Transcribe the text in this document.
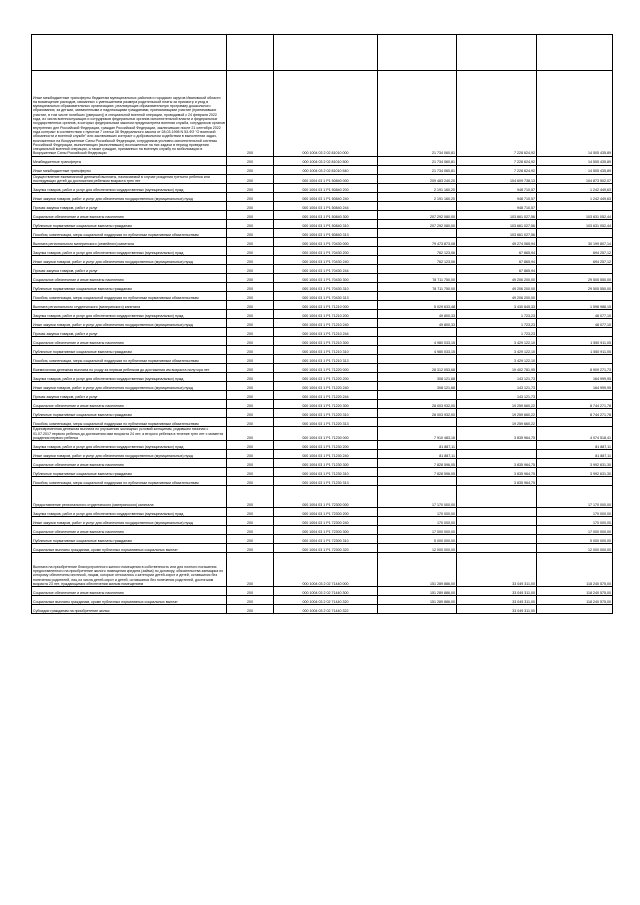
Иные межбюджетные трансферты бюджетам муниципальных районов и городских округов Ивановской области на возмещение расходов, связанных с уменьшением размера родительской платы за присмотр и уход в муниципальных образовательных организациях, реализующих образовательную программу дошкольного образования, за детьми, захваченными и надлежащими гражданами, принимающими участие (принимавших участие, в том числе погибших (умерших)) в специальной военной операции, проводимой с 24 февраля 2022 года, из числа военнослужащих и сотрудников федеральных органов исполнительной власти и федеральных государственных органов, в которых федеральным законом предусмотрена военная служба, сотрудников органов внутренних дел Российской Федерации, граждан Российской Федерации, заключивших после 21 сентября 2022 года контракт в соответствии с пунктом 7 статьи 38 Федерального закона от 28.03.1998 N 53-ФЗ "О воинской обязанности и военной службе" или заключивших контракт о добровольном содействии в выполнении задач, возложенных на Вооруженные Силы Российской Федерации, сотрудников уголовно-исполнительной системы Российской Федерации, выполняющих (выполнявших) возложенные на них задачи в период проведения специальной военной операции, а также граждан, призванных на военную службу по мобилизации в Вооруженные Силы Российской Федерации	200	000 1004 03 2 02 81010 000	21 734 060,81	7 228 624,92	14 505 435,89
Межбюджетные трансферты	200	000 1004 03 2 02 81010 500	21 734 060,81	7 228 624,92	14 505 435,89
Иные межбюджетные трансферты	200	000 1004 03 2 02 81010 540	21 734 060,81	7 228 624,92	14 505 435,89
Осуществление ежемесячной денежной выплаты, назначаемой в случае рождения третьего ребенка или последующих детей до достижения ребенком возраста трех лет	200	000 1004 03 1 P1 50840 000	209 483 240,20	104 609 738,13	104 873 502,07
Закупка товаров, работ и услуг для обеспечения государственных (муниципальных) нужд	200	000 1004 03 1 P1 50840 200	2 191 160,20	948 710,57	1 242 449,63
Иные закупки товаров, работ и услуг для обеспечения государственных (муниципальных) нужд	200	000 1004 03 1 P1 50840 240	2 191 160,20	948 710,57	1 242 449,63
Прочая закупка товаров, работ и услуг	200	000 1004 03 1 P1 50840 244		948 710,57	
Социальное обеспечение и иные выплаты населению	200	000 1004 03 1 P1 50840 300	207 292 080,00	103 661 027,56	103 631 052,44
Публичные нормативные социальные выплаты гражданам	200	000 1004 03 1 P1 50840 310	207 292 080,00	103 661 027,56	103 631 052,44
Пособия, компенсации, меры социальной поддержки по публичным нормативным обязательствам	200	000 1004 03 1 P1 50840 313		103 661 027,56	
Выплата регионального материнского (семейного) капитала	200	000 1004 03 1 P1 70430 000	79 473 873,08	49 274 065,94	30 199 807,14
Закупка товаров, работ и услуг для обеспечения государственных (муниципальных) нужд	200	000 1004 03 1 P1 70430 200	762 123,06	67 865,94	694 257,12
Иные закупки товаров, работ и услуг для обеспечения государственных (муниципальных) нужд	200	000 1004 03 1 P1 70430 240	762 123,06	67 865,94	694 257,12
Прочая закупка товаров, работ и услуг	200	000 1004 03 1 P1 70430 244		67 865,94	
Социальное обеспечение и иные выплаты населению	200	000 1004 03 1 P1 70430 300	78 711 750,00	49 206 200,00	29 505 550,00
Публичные нормативные социальные выплаты гражданам	200	000 1004 03 1 P1 70430 310	78 711 750,00	49 206 200,00	29 505 550,00
Пособия, компенсации, меры социальной поддержки по публичным нормативным обязательствам	200	000 1004 03 1 P1 70430 313		49 206 200,00	
Выплата регионального студенческого (материнского) капитала	200	000 1004 03 1 P1 71210 000	5 029 633,48	3 430 845,33	1 598 988,15
Закупка товаров, работ и услуг для обеспечения государственных (муниципальных) нужд	200	000 1004 03 1 P1 71210 200	49 800,33	1 723,23	48 077,10
Иные закупки товаров, работ и услуг для обеспечения государственных (муниципальных) нужд	200	000 1004 03 1 P1 71210 240	49 800,33	1 723,23	48 077,10
Прочая закупка товаров, работ и услуг	200	000 1004 03 1 P1 71210 244		1 723,23	
Социальное обеспечение и иные выплаты населению	200	000 1004 03 1 P1 71210 300	4 980 033,15	3 429 122,10	1 550 911,05
Публичные нормативные социальные выплаты гражданам	200	000 1004 03 1 P1 71210 310	4 980 033,15	3 429 122,10	1 550 911,05
Пособия, компенсации, меры социальной поддержки по публичным нормативным обязательствам	200	000 1004 03 1 P1 71210 313		3 429 122,10	
Ежемесячная денежная выплата по уходу за первым ребенком до достижения им возраста полутора лет	200	000 1004 03 1 P1 71220 000	28 312 053,68	19 402 781,95	8 909 271,73
Закупка товаров, работ и услуг для обеспечения государственных (муниципальных) нужд	200	000 1004 03 1 P1 71220 200	308 121,68	143 121,73	164 999,95
Иные закупки товаров, работ и услуг для обеспечения государственных (муниципальных) нужд	200	000 1004 03 1 P1 71220 240	308 121,68	143 121,73	164 999,95
Прочая закупка товаров, работ и услуг	200	000 1004 03 1 P1 71220 244		143 121,73	
Социальное обеспечение и иные выплаты населению	200	000 1004 03 1 P1 71220 300	28 003 932,00	19 259 660,22	8 744 271,78
Публичные нормативные социальные выплаты гражданам	200	000 1004 03 1 P1 71220 310	28 003 932,00	19 259 660,22	8 744 271,78
Пособия, компенсации, меры социальной поддержки по публичным нормативным обязательствам	200	000 1004 03 1 P1 71220 313		19 259 660,22	
Единовременная денежная выплата по улучшению жилищных условий женщинам, родившим начиная с 01.07.2017 первого ребенка до достижения ими возраста 24 лет, а второго ребенка в течение трех лет с момента рождения первого ребенка	200	000 1004 03 1 P1 71230 000	7 910 483,16	3 835 964,75	4 074 518,41
Закупка товаров, работ и услуг для обеспечения государственных (муниципальных) нужд	200	000 1004 03 1 P1 71230 200	81 887,11		81 887,11
Иные закупки товаров, работ и услуг для обеспечения государственных (муниципальных) нужд	200	000 1004 03 1 P1 71230 240	81 887,11		81 887,11
Социальное обеспечение и иные выплаты населению	200	000 1004 03 1 P1 71230 300	7 828 596,05	3 835 964,75	3 992 631,30
Публичные нормативные социальные выплаты гражданам	200	000 1004 03 1 P1 71230 310	7 828 596,05	3 835 964,75	3 992 631,30
Пособия, компенсации, меры социальной поддержки по публичным нормативным обязательствам	200	000 1004 03 1 P1 71230 313		3 835 964,75	
Предоставление регионального студенческого (материнского) капитала	200	000 1004 03 1 P1 72300 000	17 170 000,00		17 170 000,00
Закупка товаров, работ и услуг для обеспечения государственных (муниципальных) нужд	200	000 1004 03 1 P1 72300 200	170 000,00		170 000,00
Иные закупки товаров, работ и услуг для обеспечения государственных (муниципальных) нужд	200	000 1004 03 1 P1 72300 240	170 000,00		170 000,00
Социальное обеспечение и иные выплаты населению	200	000 1004 03 1 P1 72300 300	17 000 000,00		17 000 000,00
Публичные нормативные социальные выплаты гражданам	200	000 1004 03 1 P1 72300 310	5 000 000,00		5 000 000,00
Социальные выплаты гражданам, кроме публичных нормативных социальных выплат	200	000 1004 03 1 P1 72300 320	12 000 000,00		12 000 000,00
Выплата на приобретение благоустроенного жилого помещения в собственность или для полного погашения предоставленного на приобретение жилого помещения кредита (займа) по договору, обязательства заемщика по которому обеспечены ипотекой, лицам, которые относились к категории детей-сирот и детей, оставшихся без попечения родителей, лиц из числа детей-сирот и детей, оставшихся без попечения родителей, достигшим возраста 23 лет, нуждающимся обеспечении жилым помещением	200	000 1004 03 2 02 71440 000	151 289 886,00	33 049 311,00	118 240 575,00
Социальное обеспечение и иные выплаты населению	200	000 1004 03 2 02 71440 300	151 289 886,00	33 049 311,00	118 240 575,00
Социальные выплаты гражданам, кроме публичных нормативных социальных выплат	200	000 1004 03 2 02 71440 320	151 289 886,00	33 049 311,00	118 240 575,00
Субсидии гражданам на приобретение жилья	200	000 1004 03 2 02 71440 322		33 049 311,00	
